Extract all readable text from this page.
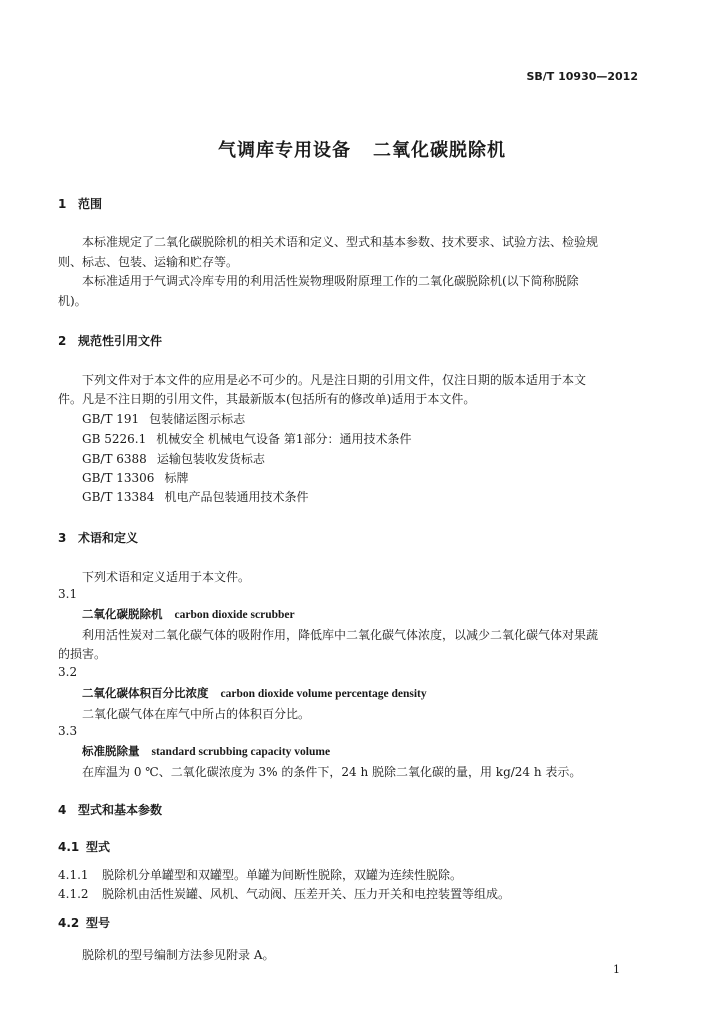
SB/T 10930—2012
气调库专用设备 二氧化碳脱除机
1 范围
本标准规定了二氧化碳脱除机的相关术语和定义、型式和基本参数、技术要求、试验方法、检验规
则、标志、包装、运输和贮存等。
本标准适用于气调式冷库专用的利用活性炭物理吸附原理工作的二氧化碳脱除机(以下简称脱除
机)。
2 规范性引用文件
下列文件对于本文件的应用是必不可少的。凡是注日期的引用文件，仅注日期的版本适用于本文
件。凡是不注日期的引用文件，其最新版本(包括所有的修改单)适用于本文件。
GB/T 191 包装储运图示标志
GB 5226.1 机械安全 机械电气设备 第1部分：通用技术条件
GB/T 6388 运输包装收发货标志
GB/T 13306 标牌
GB/T 13384 机电产品包装通用技术条件
3 术语和定义
下列术语和定义适用于本文件。
3.1
二氧化碳脱除机 carbon dioxide scrubber
利用活性炭对二氧化碳气体的吸附作用，降低库中二氧化碳气体浓度，以减少二氧化碳气体对果蔬
的损害。
3.2
二氧化碳体积百分比浓度 carbon dioxide volume percentage density
二氧化碳气体在库气中所占的体积百分比。
3.3
标准脱除量 standard scrubbing capacity volume
在库温为 0 ℃、二氧化碳浓度为 3% 的条件下，24 h 脱除二氧化碳的量，用 kg/24 h 表示。
4 型式和基本参数
4.1 型式
4.1.1 脱除机分单罐型和双罐型。单罐为间断性脱除，双罐为连续性脱除。
4.1.2 脱除机由活性炭罐、风机、气动阀、压差开关、压力开关和电控装置等组成。
4.2 型号
脱除机的型号编制方法参见附录 A。
1
